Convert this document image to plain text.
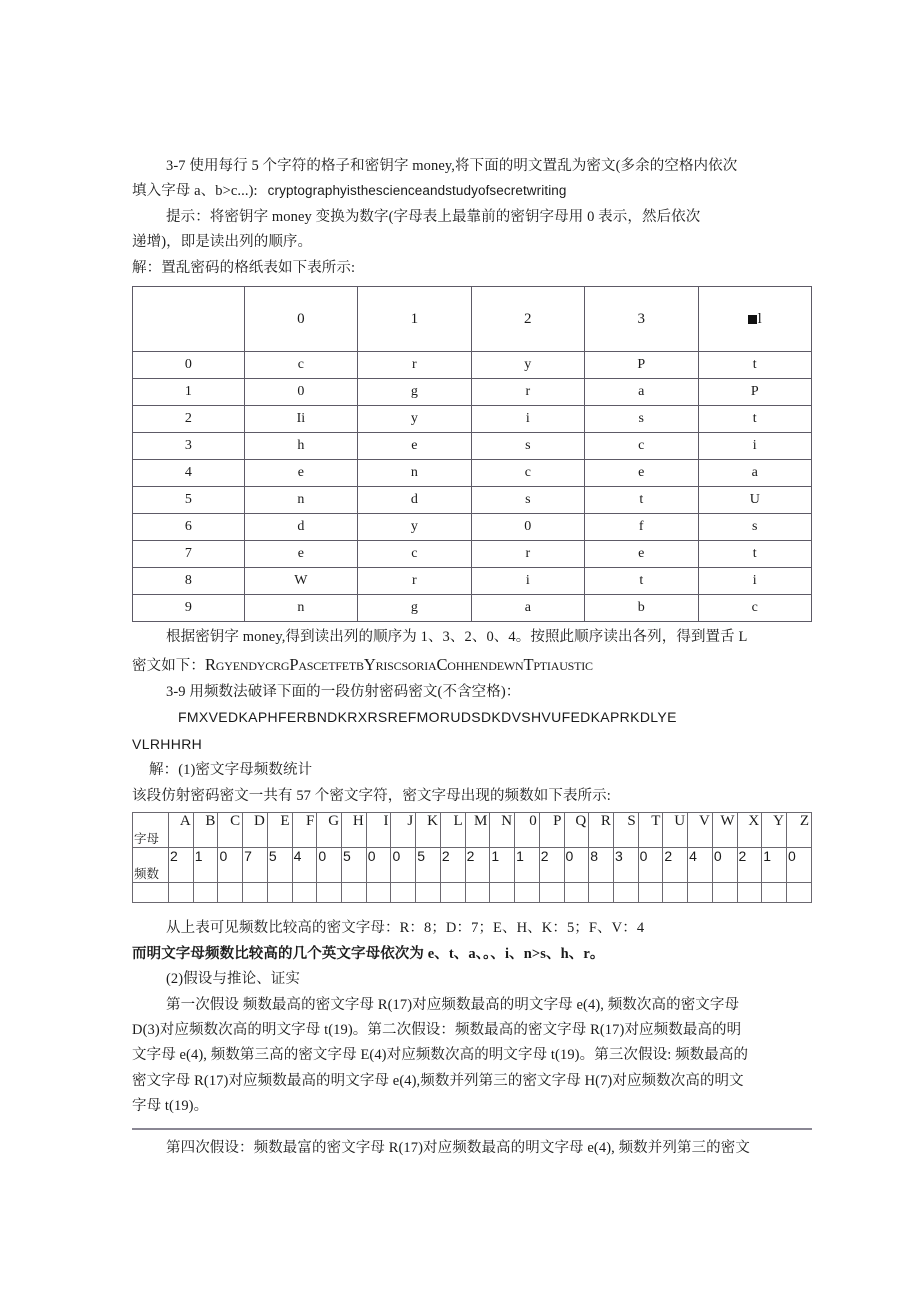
3-7 使用每行 5 个字符的格子和密钥字 money,将下面的明文置乱为密文(多余的空格内依次

填入字母 a、b>c...): cryptographyisthescienceandstudyofsecretwriting

提示：将密钥字 money 变换为数字(字母表上最靠前的密钥字母用 0 表示，然后依次

递增)，即是读出列的顺序。

解：置乱密码的格纸表如下表所示:

	0	1	2	3	l
0	c	r	y	P	t
1	0	g	r	a	P
2	Ii	y	i	s	t
3	h	e	s	c	i
4	e	n	c	e	a
5	n	d	s	t	U
6	d	y	0	f	s
7	e	c	r	e	t
8	W	r	i	t	i
9	n	g	a	b	c

根据密钥字 money,得到读出列的顺序为 1、3、2、0、4。按照此顺序读出各列，得到置舌 L

密文如下：RgyendycrgPascetfetbYriscsoriaCohhendewnTptiaustic

3-9 用频数法破译下面的一段仿射密码密文(不含空格)：

FMXVEDKAPHFERBNDKRXRSREFMORUDSDKDVSHVUFEDKAPRKDLYE

VLRHHRH

解：(1)密文字母频数统计

该段仿射密码密文一共有 57 个密文字符，密文字母出现的频数如下表所示:

字母	A	B	C	D	E	F	G	H	I	J	K	L	M	N	0	P	Q	R	S	T	U	V	W	X	Y	Z
频数	2	1	0	7	5	4	0	5	0	0	5	2	2	1	1	2	0	8	3	0	2	4	0	2	1	0

从上表可见频数比较高的密文字母：R：8；D：7；E、H、K：5；F、V：4

而明文字母频数比较高的几个英文字母依次为 e、t、a、。、i、n>s、h、r。

(2)假设与推论、证实

第一次假设 频数最高的密文字母 R(17)对应频数最高的明文字母 e(4), 频数次高的密文字母

D(3)对应频数次高的明文字母 t(19)。第二次假设：频数最高的密文字母 R(17)对应频数最高的明

文字母 e(4), 频数第三高的密文字母 E(4)对应频数次高的明文字母 t(19)。第三次假设: 频数最高的

密文字母 R(17)对应频数最高的明文字母 e(4),频数并列第三的密文字母 H(7)对应频数次高的明文

字母 t(19)。

第四次假设：频数最富的密文字母 R(17)对应频数最高的明文字母 e(4), 频数并列第三的密文
